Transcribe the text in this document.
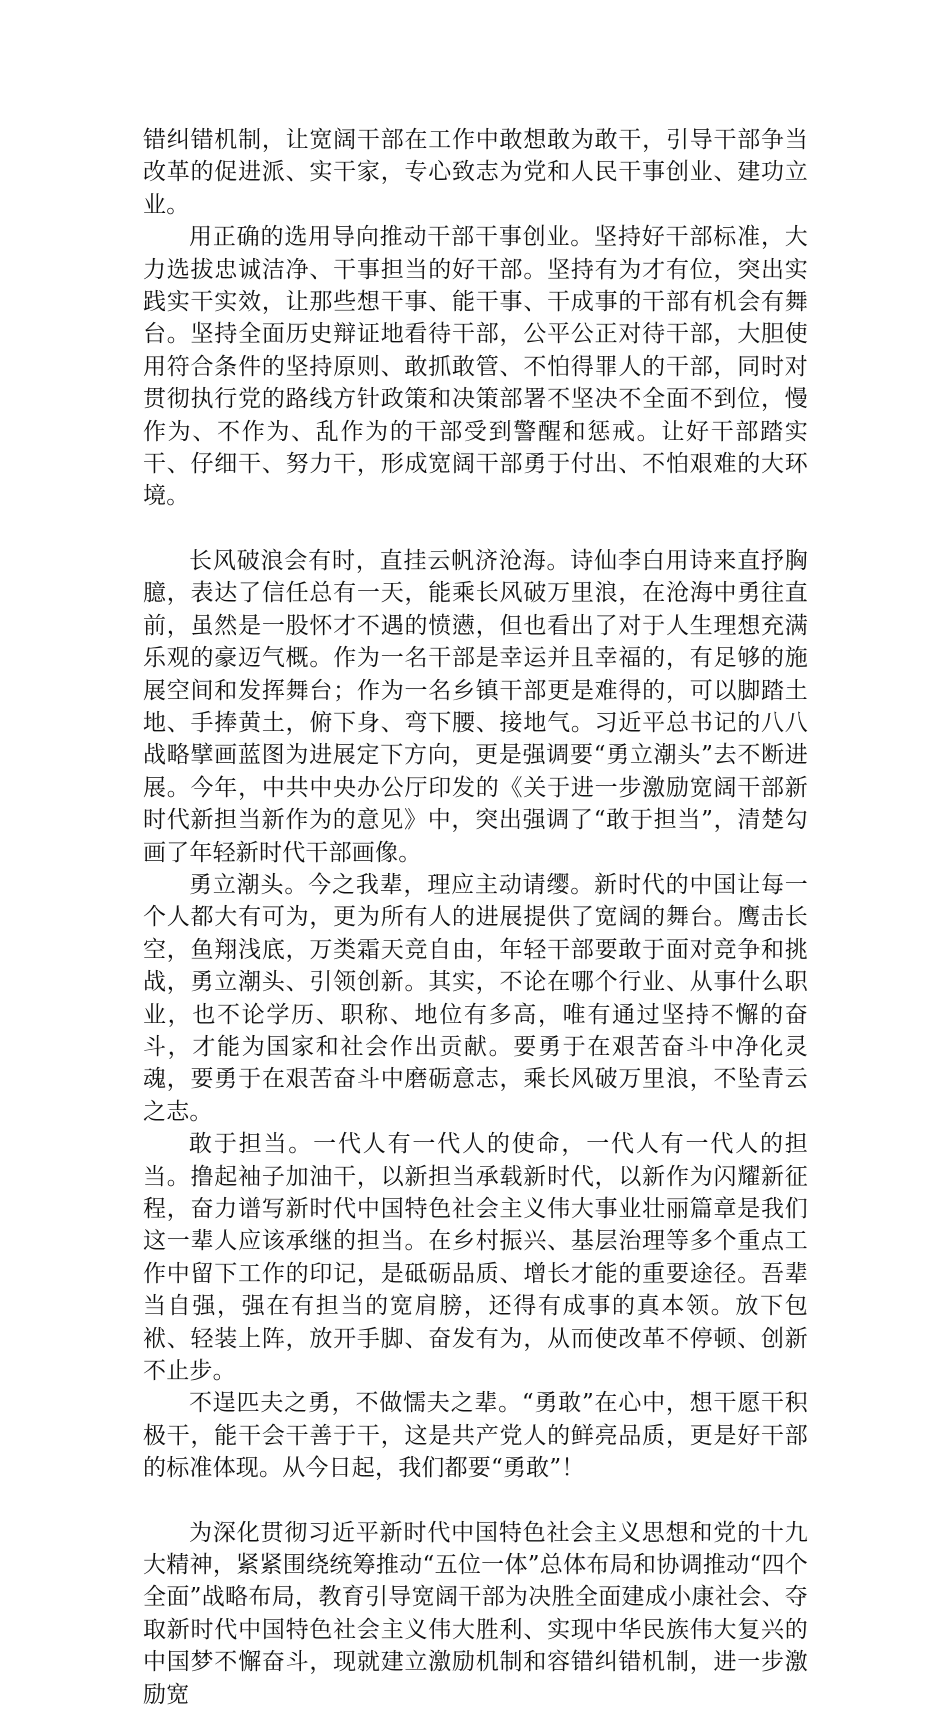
错纠错机制，让宽阔干部在工作中敢想敢为敢干，引导干部争当改革的促进派、实干家，专心致志为党和人民干事创业、建功立业。

用正确的选用导向推动干部干事创业。坚持好干部标准，大力选拔忠诚洁净、干事担当的好干部。坚持有为才有位，突出实践实干实效，让那些想干事、能干事、干成事的干部有机会有舞台。坚持全面历史辩证地看待干部，公平公正对待干部，大胆使用符合条件的坚持原则、敢抓敢管、不怕得罪人的干部，同时对贯彻执行党的路线方针政策和决策部署不坚决不全面不到位，慢作为、不作为、乱作为的干部受到警醒和惩戒。让好干部踏实干、仔细干、努力干，形成宽阔干部勇于付出、不怕艰难的大环境。

长风破浪会有时，直挂云帆济沧海。诗仙李白用诗来直抒胸臆，表达了信任总有一天，能乘长风破万里浪，在沧海中勇往直前，虽然是一股怀才不遇的愤懑，但也看出了对于人生理想充满乐观的豪迈气概。作为一名干部是幸运并且幸福的，有足够的施展空间和发挥舞台；作为一名乡镇干部更是难得的，可以脚踏土地、手捧黄土，俯下身、弯下腰、接地气。习近平总书记的八八战略擘画蓝图为进展定下方向，更是强调要“勇立潮头”去不断进展。今年，中共中央办公厅印发的《关于进一步激励宽阔干部新时代新担当新作为的意见》中，突出强调了“敢于担当”，清楚勾画了年轻新时代干部画像。

勇立潮头。今之我辈，理应主动请缨。新时代的中国让每一个人都大有可为，更为所有人的进展提供了宽阔的舞台。鹰击长空，鱼翔浅底，万类霜天竞自由，年轻干部要敢于面对竞争和挑战，勇立潮头、引领创新。其实，不论在哪个行业、从事什么职业，也不论学历、职称、地位有多高，唯有通过坚持不懈的奋斗，才能为国家和社会作出贡献。要勇于在艰苦奋斗中净化灵魂，要勇于在艰苦奋斗中磨砺意志，乘长风破万里浪，不坠青云之志。

敢于担当。一代人有一代人的使命，一代人有一代人的担当。撸起袖子加油干，以新担当承载新时代，以新作为闪耀新征程，奋力谱写新时代中国特色社会主义伟大事业壮丽篇章是我们这一辈人应该承继的担当。在乡村振兴、基层治理等多个重点工作中留下工作的印记，是砥砺品质、增长才能的重要途径。吾辈当自强，强在有担当的宽肩膀，还得有成事的真本领。放下包袱、轻装上阵，放开手脚、奋发有为，从而使改革不停顿、创新不止步。

不逞匹夫之勇，不做懦夫之辈。“勇敢”在心中，想干愿干积极干，能干会干善于干，这是共产党人的鲜亮品质，更是好干部的标准体现。从今日起，我们都要“勇敢”！

为深化贯彻习近平新时代中国特色社会主义思想和党的十九大精神，紧紧围绕统筹推动“五位一体”总体布局和协调推动“四个全面”战略布局，教育引导宽阔干部为决胜全面建成小康社会、夺取新时代中国特色社会主义伟大胜利、实现中华民族伟大复兴的中国梦不懈奋斗，现就建立激励机制和容错纠错机制，进一步激励宽
